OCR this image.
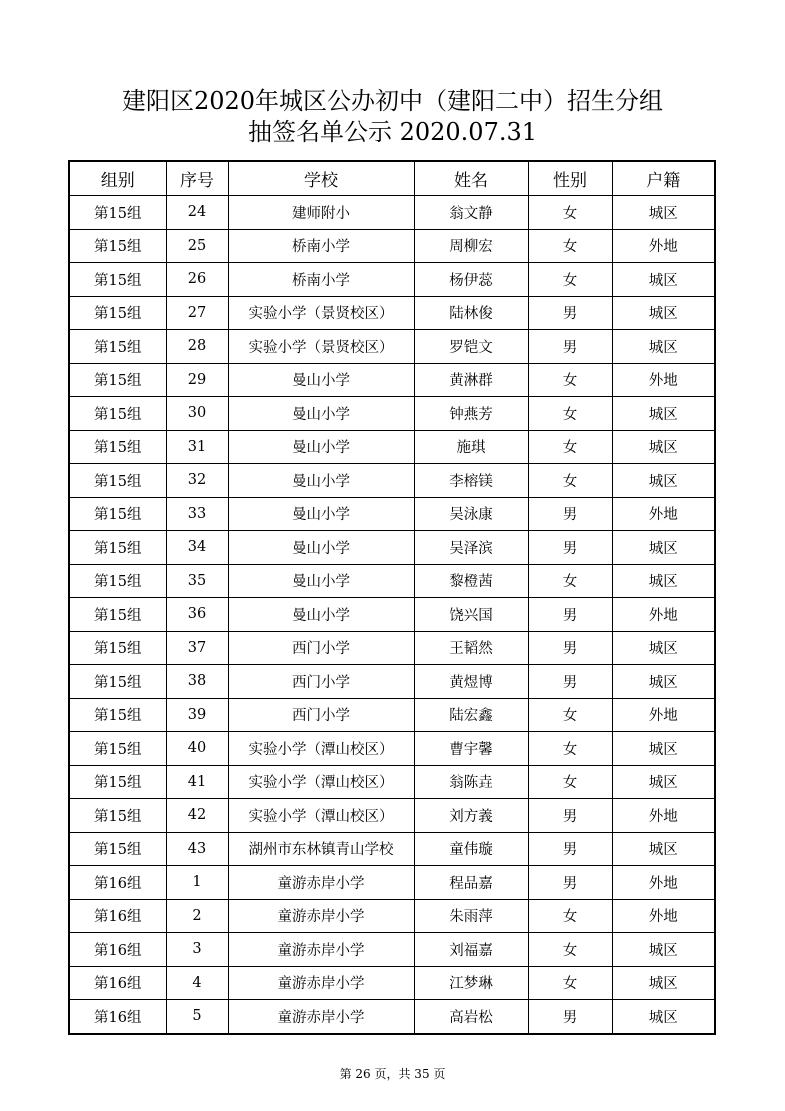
建阳区2020年城区公办初中（建阳二中）招生分组
抽签名单公示 2020.07.31
组别	序号	学校	姓名	性别	户籍
第15组	24	建师附小	翁文静	女	城区
第15组	25	桥南小学	周柳宏	女	外地
第15组	26	桥南小学	杨伊蕊	女	城区
第15组	27	实验小学（景贤校区）	陆林俊	男	城区
第15组	28	实验小学（景贤校区）	罗铠文	男	城区
第15组	29	曼山小学	黄淋群	女	外地
第15组	30	曼山小学	钟燕芳	女	城区
第15组	31	曼山小学	施琪	女	城区
第15组	32	曼山小学	李榕镁	女	城区
第15组	33	曼山小学	吴泳康	男	外地
第15组	34	曼山小学	吴泽滨	男	城区
第15组	35	曼山小学	黎橙茜	女	城区
第15组	36	曼山小学	饶兴国	男	外地
第15组	37	西门小学	王韬然	男	城区
第15组	38	西门小学	黄煜博	男	城区
第15组	39	西门小学	陆宏鑫	女	外地
第15组	40	实验小学（潭山校区）	曹宇馨	女	城区
第15组	41	实验小学（潭山校区）	翁陈垚	女	城区
第15组	42	实验小学（潭山校区）	刘方義	男	外地
第15组	43	湖州市东林镇青山学校	童伟璇	男	城区
第16组	1	童游赤岸小学	程品嘉	男	外地
第16组	2	童游赤岸小学	朱雨萍	女	外地
第16组	3	童游赤岸小学	刘福嘉	女	城区
第16组	4	童游赤岸小学	江梦琳	女	城区
第16组	5	童游赤岸小学	高岩松	男	城区
第 26 页，共 35 页
